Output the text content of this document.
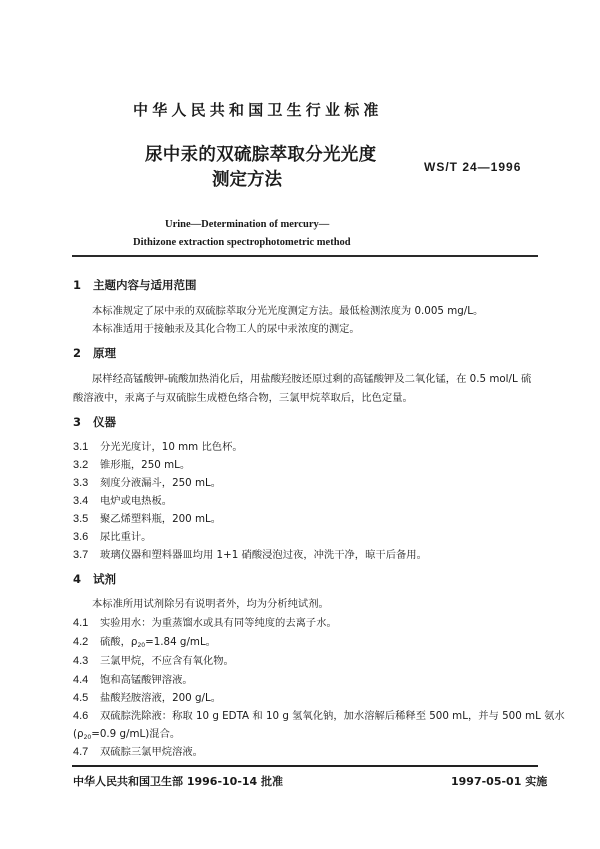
中华人民共和国卫生行业标准
尿中汞的双硫腙萃取分光光度
测定方法
WS/T 24—1996
Urine—Determination of mercury—
Dithizone extraction spectrophotometric method
1 主题内容与适用范围
本标准规定了尿中汞的双硫腙萃取分光光度测定方法。最低检测浓度为 0.005 mg/L。
本标准适用于接触汞及其化合物工人的尿中汞浓度的测定。
2 原理
尿样经高锰酸钾-硫酸加热消化后，用盐酸羟胺还原过剩的高锰酸钾及二氧化锰，在 0.5 mol/L 硫
酸溶液中，汞离子与双硫腙生成橙色络合物，三氯甲烷萃取后，比色定量。
3 仪器
3.1 分光光度计，10 mm 比色杯。
3.2 锥形瓶，250 mL。
3.3 刻度分液漏斗，250 mL。
3.4 电炉或电热板。
3.5 聚乙烯塑料瓶，200 mL。
3.6 尿比重计。
3.7 玻璃仪器和塑料器皿均用 1+1 硝酸浸泡过夜，冲洗干净，晾干后备用。
4 试剂
本标准所用试剂除另有说明者外，均为分析纯试剂。
4.1 实验用水：为重蒸馏水或具有同等纯度的去离子水。
4.2 硫酸，$\rho_{20}=1.84$ g/mL。
4.3 三氯甲烷，不应含有氧化物。
4.4 饱和高锰酸钾溶液。
4.5 盐酸羟胺溶液，200 g/L。
4.6 双硫腙洗除液：称取 10 g EDTA 和 10 g 氢氧化钠，加水溶解后稀释至 500 mL，并与 500 mL 氨水
($\rho_{20}=0.9$ g/mL)混合。
4.7 双硫腙三氯甲烷溶液。
中华人民共和国卫生部 1996-10-14 批准	1997-05-01 实施
